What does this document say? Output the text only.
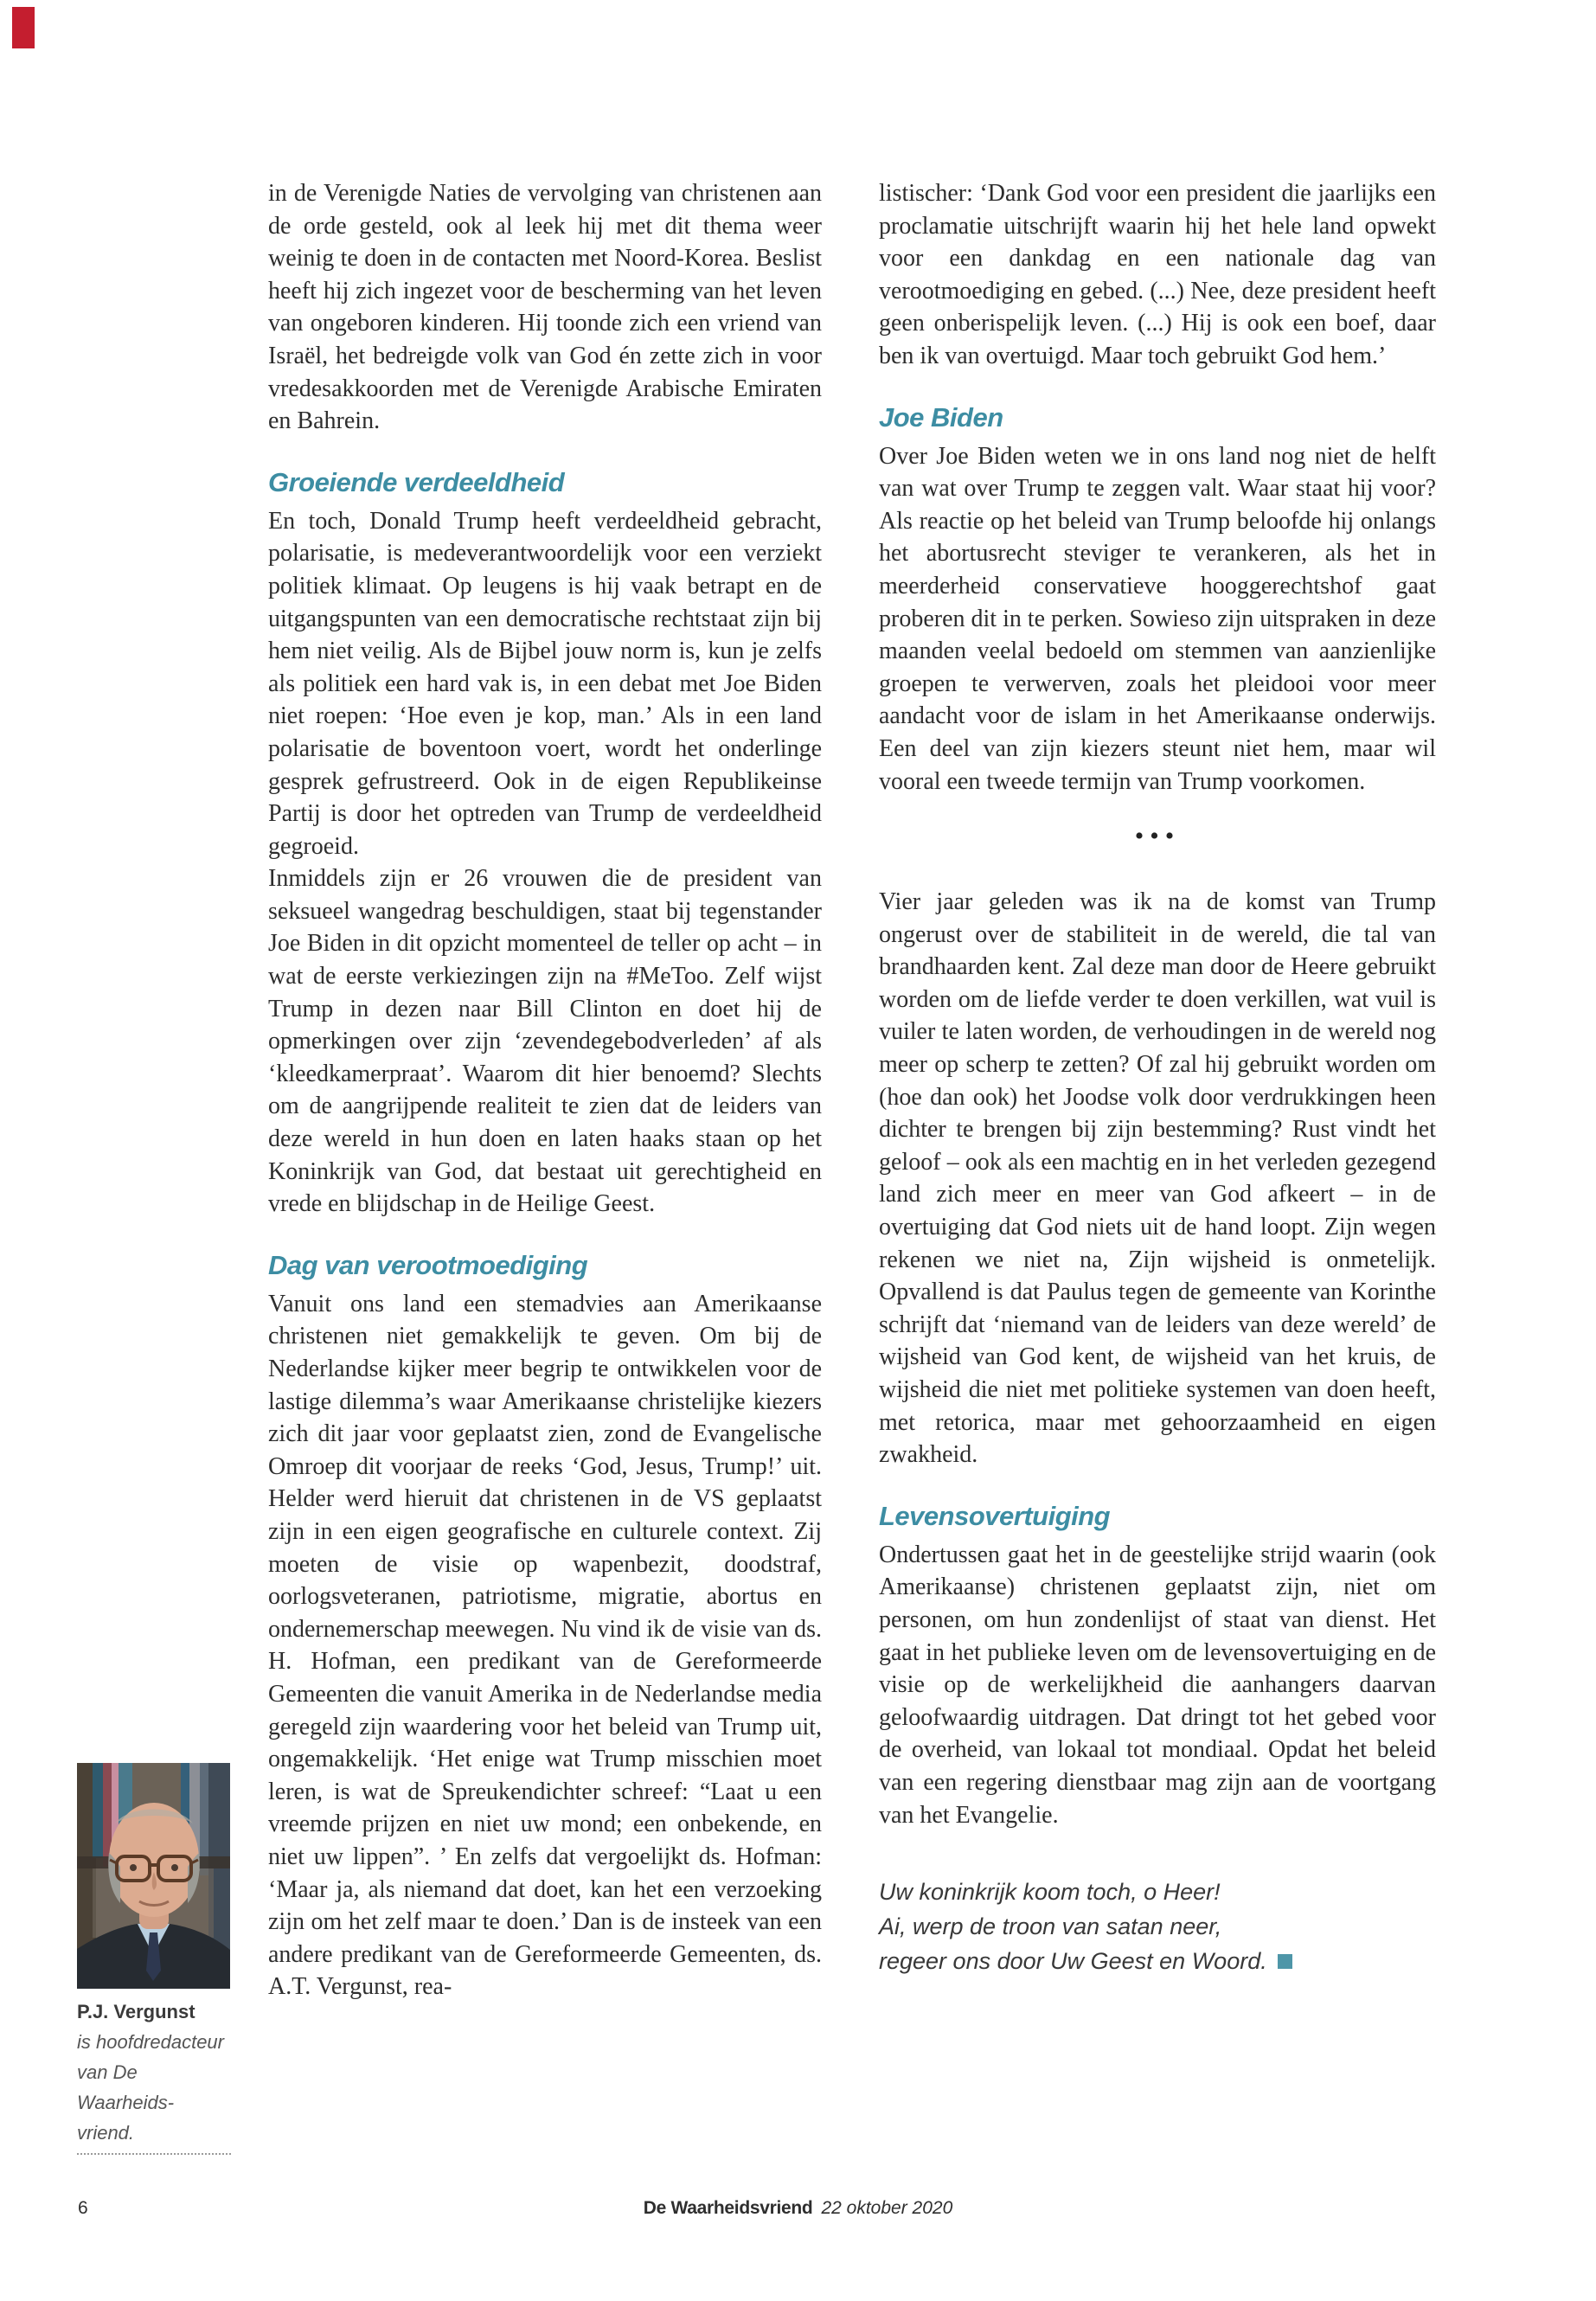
in de Verenigde Naties de vervolging van christenen aan de orde gesteld, ook al leek hij met dit thema weer weinig te doen in de contacten met Noord-Korea. Beslist heeft hij zich ingezet voor de bescherming van het leven van ongeboren kinderen. Hij toonde zich een vriend van Israël, het bedreigde volk van God én zette zich in voor vredesakkoorden met de Verenigde Arabische Emiraten en Bahrein.

Groeiende verdeeldheid

En toch, Donald Trump heeft verdeeldheid gebracht, polarisatie, is medeverantwoordelijk voor een verziekt politiek klimaat. Op leugens is hij vaak betrapt en de uitgangspunten van een democratische rechtstaat zijn bij hem niet veilig. Als de Bijbel jouw norm is, kun je zelfs als politiek een hard vak is, in een debat met Joe Biden niet roepen: ‘Hoe even je kop, man.’ Als in een land polarisatie de boventoon voert, wordt het onderlinge gesprek gefrustreerd. Ook in de eigen Republikeinse Partij is door het optreden van Trump de verdeeldheid gegroeid.

Inmiddels zijn er 26 vrouwen die de president van seksueel wangedrag beschuldigen, staat bij tegenstander Joe Biden in dit opzicht momenteel de teller op acht – in wat de eerste verkiezingen zijn na #MeToo. Zelf wijst Trump in dezen naar Bill Clinton en doet hij de opmerkingen over zijn ‘zevendegebodverleden’ af als ‘kleedkamerpraat’. Waarom dit hier benoemd? Slechts om de aangrijpende realiteit te zien dat de leiders van deze wereld in hun doen en laten haaks staan op het Koninkrijk van God, dat bestaat uit gerechtigheid en vrede en blijdschap in de Heilige Geest.

Dag van verootmoediging

Vanuit ons land een stemadvies aan Amerikaanse christenen niet gemakkelijk te geven. Om bij de Nederlandse kijker meer begrip te ontwikkelen voor de lastige dilemma’s waar Amerikaanse christelijke kiezers zich dit jaar voor geplaatst zien, zond de Evangelische Omroep dit voorjaar de reeks ‘God, Jesus, Trump!’ uit. Helder werd hieruit dat christenen in de VS geplaatst zijn in een eigen geografische en culturele context. Zij moeten de visie op wapenbezit, doodstraf, oorlogsveteranen, patriotisme, migratie, abortus en ondernemerschap meewegen. Nu vind ik de visie van ds. H. Hofman, een predikant van de Gereformeerde Gemeenten die vanuit Amerika in de Nederlandse media geregeld zijn waardering voor het beleid van Trump uit, ongemakkelijk. ‘Het enige wat Trump misschien moet leren, is wat de Spreukendichter schreef: “Laat u een vreemde prijzen en niet uw mond; een onbekende, en niet uw lippen”. ’ En zelfs dat vergoelijkt ds. Hofman: ‘Maar ja, als niemand dat doet, kan het een verzoeking zijn om het zelf maar te doen.’ Dan is de insteek van een andere predikant van de Gereformeerde Gemeenten, ds. A.T. Vergunst, rea-

listischer: ‘Dank God voor een president die jaarlijks een proclamatie uitschrijft waarin hij het hele land opwekt voor een dankdag en een nationale dag van verootmoediging en gebed. (...) Nee, deze president heeft geen onberispelijk leven. (...) Hij is ook een boef, daar ben ik van overtuigd. Maar toch gebruikt God hem.’

Joe Biden

Over Joe Biden weten we in ons land nog niet de helft van wat over Trump te zeggen valt. Waar staat hij voor? Als reactie op het beleid van Trump beloofde hij onlangs het abortusrecht steviger te verankeren, als het in meerderheid conservatieve hooggerechtshof gaat proberen dit in te perken. Sowieso zijn uitspraken in deze maanden veelal bedoeld om stemmen van aanzienlijke groepen te verwerven, zoals het pleidooi voor meer aandacht voor de islam in het Amerikaanse onderwijs. Een deel van zijn kiezers steunt niet hem, maar wil vooral een tweede termijn van Trump voorkomen.

•••

Vier jaar geleden was ik na de komst van Trump ongerust over de stabiliteit in de wereld, die tal van brandhaarden kent. Zal deze man door de Heere gebruikt worden om de liefde verder te doen verkillen, wat vuil is vuiler te laten worden, de verhoudingen in de wereld nog meer op scherp te zetten? Of zal hij gebruikt worden om (hoe dan ook) het Joodse volk door verdrukkingen heen dichter te brengen bij zijn bestemming? Rust vindt het geloof – ook als een machtig en in het verleden gezegend land zich meer en meer van God afkeert – in de overtuiging dat God niets uit de hand loopt. Zijn wegen rekenen we niet na, Zijn wijsheid is onmetelijk. Opvallend is dat Paulus tegen de gemeente van Korinthe schrijft dat ‘niemand van de leiders van deze wereld’ de wijsheid van God kent, de wijsheid van het kruis, de wijsheid die niet met politieke systemen van doen heeft, met retorica, maar met gehoorzaamheid en eigen zwakheid.

Levensovertuiging

Ondertussen gaat het in de geestelijke strijd waarin (ook Amerikaanse) christenen geplaatst zijn, niet om personen, om hun zondenlijst of staat van dienst. Het gaat in het publieke leven om de levensovertuiging en de visie op de werkelijkheid die aanhangers daarvan geloofwaardig uitdragen. Dat dringt tot het gebed voor de overheid, van lokaal tot mondiaal. Opdat het beleid van een regering dienstbaar mag zijn aan de voortgang van het Evangelie.

Uw koninkrijk koom toch, o Heer!
Ai, werp de troon van satan neer,
regeer ons door Uw Geest en Woord.
P.J. Vergunst
is hoofdredacteur
van De Waarheids-
vriend.
6	De Waarheidsvriend 22 oktober 2020
